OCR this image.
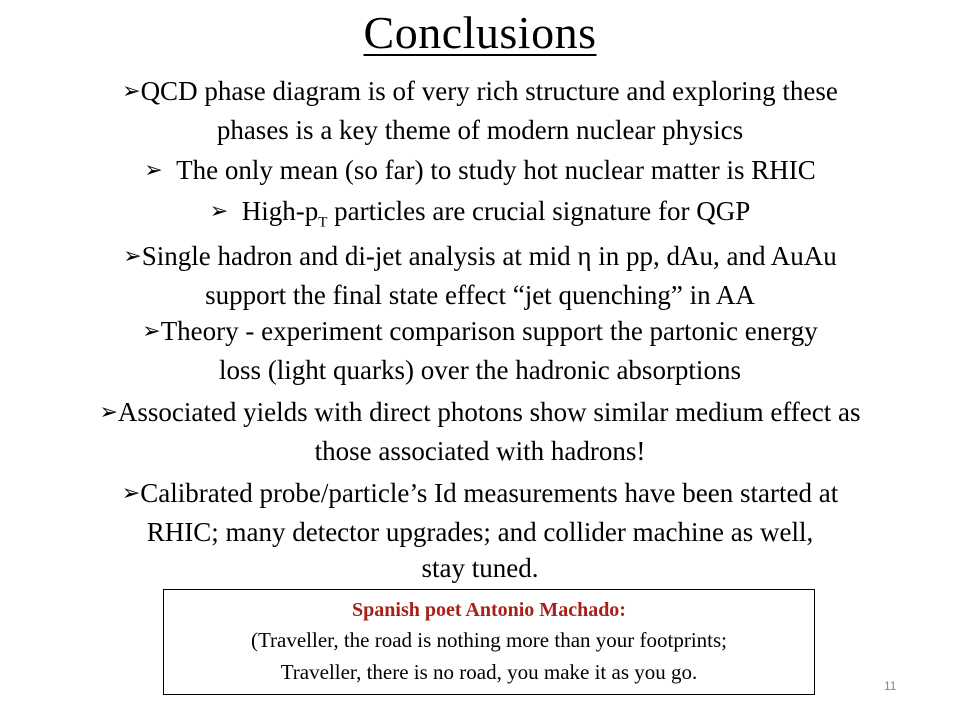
Conclusions
➢QCD phase diagram is of very rich structure and exploring these
phases is a key theme of modern nuclear physics
➢ The only mean (so far) to study hot nuclear matter is RHIC
➢ High-$p_T$ particles are crucial signature for QGP
➢Single hadron and di-jet analysis at mid η in pp, dAu, and AuAu
support the final state effect “jet quenching” in AA
➢Theory - experiment comparison support the partonic energy
loss (light quarks) over the hadronic absorptions
➢Associated yields with direct photons show similar medium effect as
those associated with hadrons!
➢Calibrated probe/particle’s Id measurements have been started at
RHIC; many detector upgrades; and collider machine as well,
stay tuned.
Spanish poet Antonio Machado:
(Traveller, the road is nothing more than your footprints;
Traveller, there is no road, you make it as you go.
11
